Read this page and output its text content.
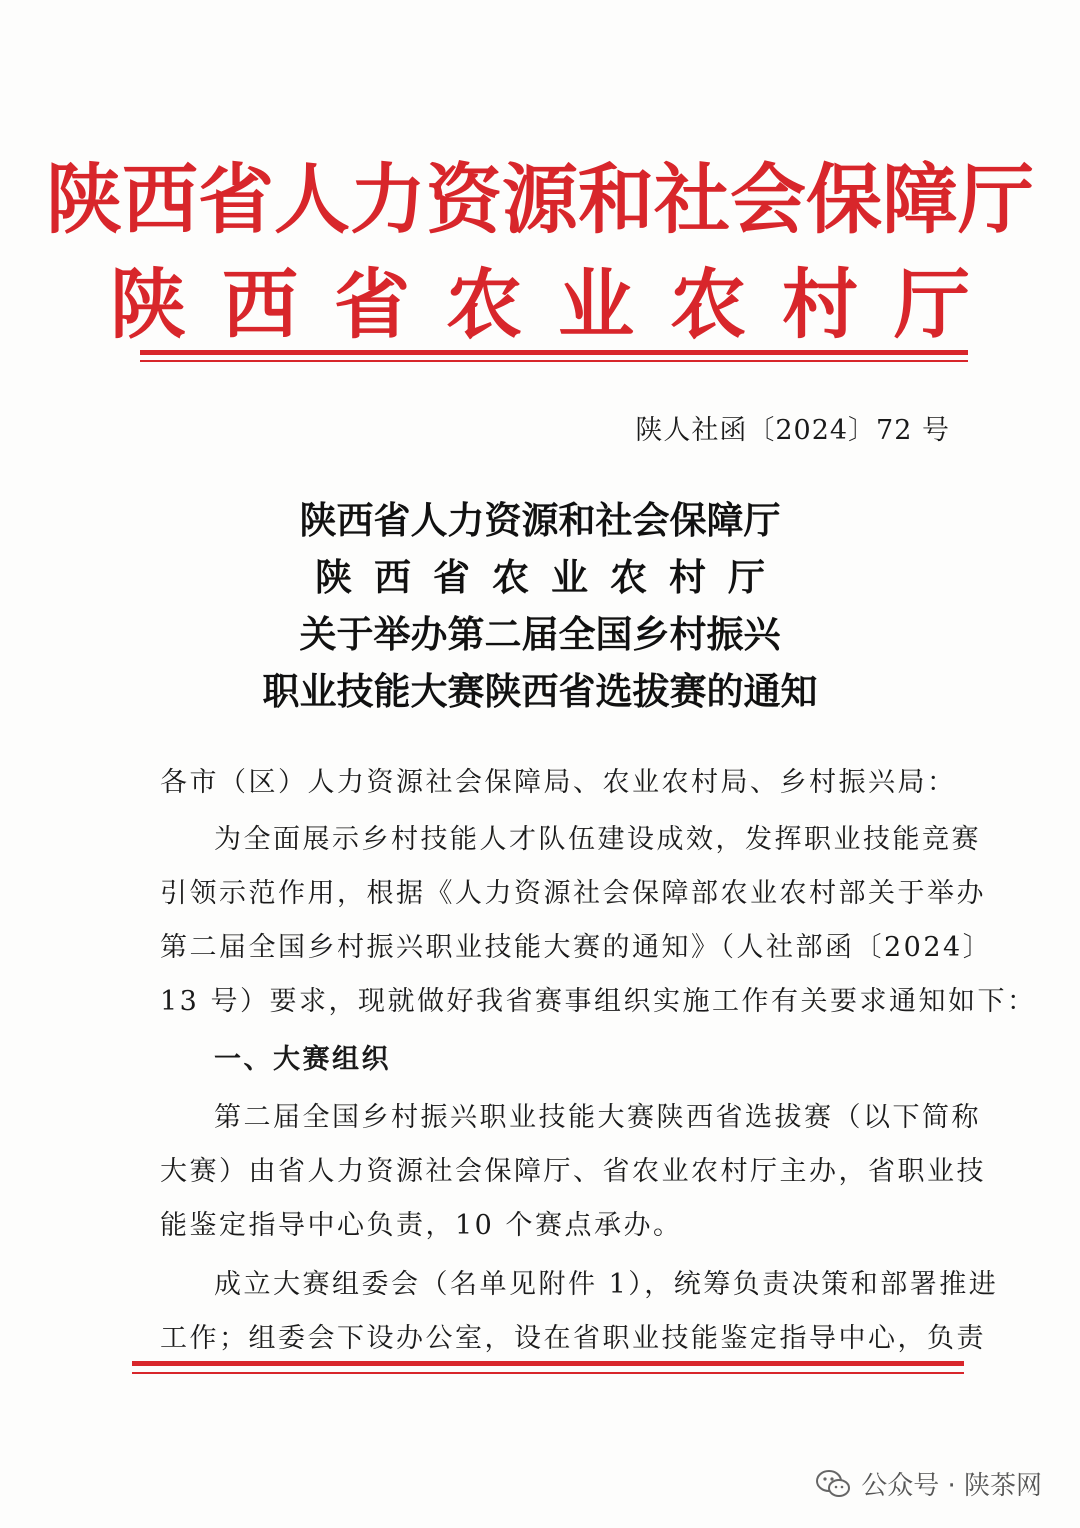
陕西省人力资源和社会保障厅
陕西省农业农村厅
陕人社函〔2024〕72 号
陕西省人力资源和社会保障厅
陕西省农业农村厅
关于举办第二届全国乡村振兴
职业技能大赛陕西省选拔赛的通知
各市（区）人力资源社会保障局、农业农村局、乡村振兴局：
为全面展示乡村技能人才队伍建设成效，发挥职业技能竞赛
引领示范作用，根据《人力资源社会保障部农业农村部关于举办
第二届全国乡村振兴职业技能大赛的通知》（人社部函〔2024〕
13 号）要求，现就做好我省赛事组织实施工作有关要求通知如下：
一、大赛组织
第二届全国乡村振兴职业技能大赛陕西省选拔赛（以下简称
大赛）由省人力资源社会保障厅、省农业农村厅主办，省职业技
能鉴定指导中心负责，10 个赛点承办。
成立大赛组委会（名单见附件 1），统筹负责决策和部署推进
工作；组委会下设办公室，设在省职业技能鉴定指导中心，负责
公众号 · 陕茶网
